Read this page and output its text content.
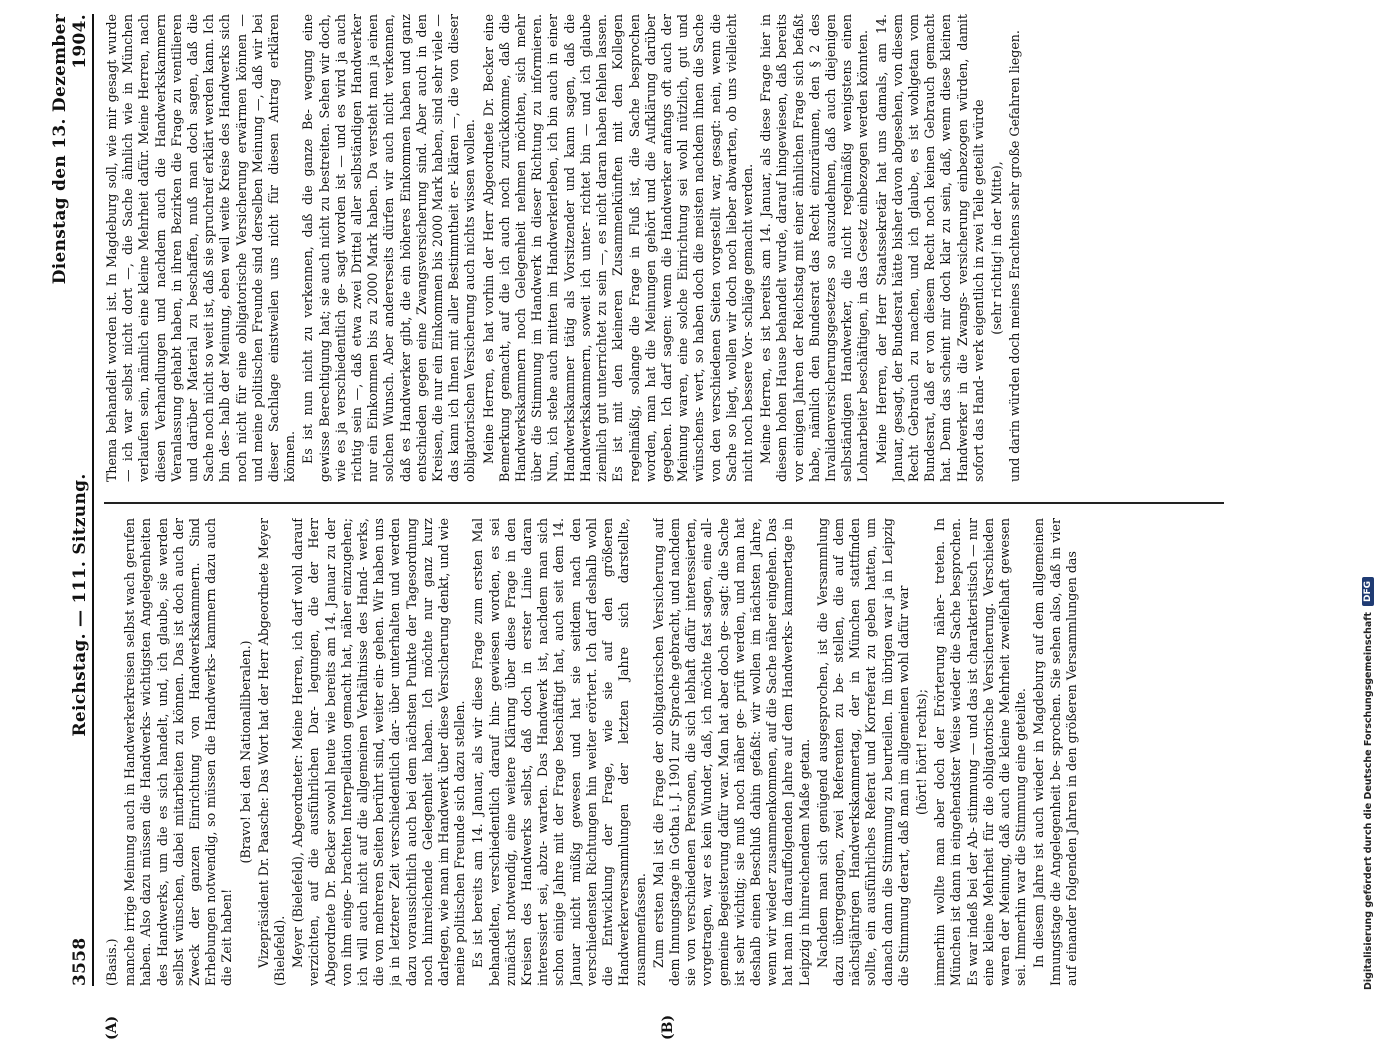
3558
Reichstag. — 111. Sitzung.
Dienstag den 13. Dezember 1904.
(A)	(B)

(Basis.) manche irrige Meinung auch in Handwerkerkreisen selbst wach gerufen haben. Also dazu müssen die Handwerks- wichtigsten Angelegenheiten des Handwerks, um die es sich handelt, und, ich glaube, sie werden selbst wünschen, dabei mitarbeiten zu können. Das ist doch auch der Zweck der ganzen Einrichtung von Handwerkskammern. Sind Erhebungen notwendig, so müssen die Handwerks- kammern dazu auch die Zeit haben!

(Bravo! bei den Nationalliberalen.) Vizepräsident Dr. Paasche: Das Wort hat der Herr Abgeordnete Meyer (Bielefeld). Meyer (Bielefeld), Abgeordneter: Meine Herren, ich darf wohl darauf verzichten, auf die ausführlichen Dar- legungen, die der Herr Abgeordnete Dr. Becker sowohl heute wie bereits am 14. Januar zu der von ihm einge- brachten Interpellation gemacht hat, näher einzugehen; ich will auch nicht auf die allgemeinen Verhältnisse des Hand- werks, die von mehreren Seiten berührt sind, weiter ein- gehen. Wir haben uns ja in letzterer Zeit verschiedentlich dar- über unterhalten und werden dazu voraussichtlich auch bei dem nächsten Punkte der Tagesordnung noch hinreichende Gelegenheit haben. Ich möchte nur ganz kurz darlegen, wie man im Handwerk über diese Versicherung denkt, und wie meine politischen Freunde sich dazu stellen. Es ist bereits am 14. Januar, als wir diese Frage zum ersten Mal behandelten, verschiedentlich darauf hin- gewiesen worden, es sei zunächst notwendig, eine weitere Klärung über diese Frage in den Kreisen des Handwerks selbst, daß doch in erster Linie daran interessiert sei, abzu- warten. Das Handwerk ist, nachdem man sich schon einige Jahre mit der Frage beschäftigt hat, auch seit dem 14. Januar nicht müßig gewesen und hat sie seitdem nach den verschiedensten Richtungen hin weiter erörtert. Ich darf deshalb wohl die Entwicklung der Frage, wie sie auf den größeren Handwerkerversammlungen der letzten Jahre sich darstellte, zusammenfassen. Zum ersten Mal ist die Frage der obligatorischen Versicherung auf dem Innungstage in Gotha i. J. 1901 zur Sprache gebracht, und nachdem sie von verschiedenen Personen, die sich lebhaft dafür interessierten, vorgetragen, war es kein Wunder, daß, ich möchte fast sagen, eine all- gemeine Begeisterung dafür war. Man hat aber doch ge- sagt: die Sache ist sehr wichtig; sie muß noch näher ge- prüft werden, und man hat deshalb einen Beschluß dahin gefaßt: wir wollen im nächsten Jahre, wenn wir wieder zusammenkommen, auf die Sache näher eingehen. Das hat man im darauffolgenden Jahre auf dem Handwerks- kammertage in Leipzig in hinreichendem Maße getan. Nachdem man sich genügend ausgesprochen, ist die Versammlung dazu übergegangen, zwei Referenten zu be- stellen, die auf dem nächstjährigen Handwerkskammertag, der in München stattfinden sollte, ein ausführliches Referat und Korreferat zu geben hatten, um danach dann die Stimmung zu beurteilen. Im übrigen war ja in Leipzig die Stimmung derart, daß man im allgemeinen wohl dafür war (hört! hört! rechts); immerhin wollte man aber doch der Erörterung näher- treten. In München ist dann in eingehendster Weise wieder die Sache besprochen. Es war indeß bei der Ab- stimmung — und das ist charakteristisch — nur eine kleine Mehrheit für die obligatorische Versicherung. Verschieden waren der Meinung, daß auch die kleine Mehrheit zweifelhaft gewesen sei. Immerhin war die Stimmung eine geteilte. In diesem Jahre ist auch wieder in Magdeburg auf dem allgemeinen Innungstage die Angelegenheit be- sprochen. Sie sehen also, daß in vier auf einander folgenden Jahren in den größeren Versammlungen das

Thema behandelt worden ist. In Magdeburg soll, wie mir gesagt wurde — ich war selbst nicht dort —, die Sache ähnlich wie in München verlaufen sein, nämlich eine kleine Mehrheit dafür. Meine Herren, nach diesen Verhandlungen und nachdem auch die Handwerkskammern Veranlassung gehabt haben, in ihren Bezirken die Frage zu ventilieren und darüber Material zu beschaffen, muß man doch sagen, daß die Sache noch nicht so weit ist, daß sie spruchreif erklärt werden kann. Ich bin des- halb der Meinung, eben weil weite Kreise des Handwerks sich noch nicht für eine obligatorische Versicherung erwärmen können — und meine politischen Freunde sind derselben Meinung —, daß wir bei dieser Sachlage einstweilen uns nicht für diesen Antrag erklären können. Es ist nun nicht zu verkennen, daß die ganze Be- wegung eine gewisse Berechtigung hat; sie auch nicht zu bestreiten. Sehen wir doch, wie es ja verschiedentlich ge- sagt worden ist — und es wird ja auch richtig sein —, daß etwa zwei Drittel aller selbständigen Handwerker nur ein Einkommen bis zu 2000 Mark haben. Da versteht man ja einen solchen Wunsch. Aber andererseits dürfen wir auch nicht verkennen, daß es Handwerker gibt, die ein höheres Einkommen haben und ganz entschieden gegen eine Zwangsversicherung sind. Aber auch in den Kreisen, die nur ein Einkommen bis 2000 Mark haben, sind sehr viele — das kann ich Ihnen mit aller Bestimmtheit er- klären —, die von dieser obligatorischen Versicherung auch nichts wissen wollen. Meine Herren, es hat vorhin der Herr Abgeordnete Dr. Becker eine Bemerkung gemacht, auf die ich auch noch zurückkomme, daß die Handwerkskammern noch Gelegenheit nehmen möchten, sich mehr über die Stimmung im Handwerk in dieser Richtung zu informieren. Nun, ich stehe auch mitten im Handwerkerleben, ich bin auch in einer Handwerkskammer tätig als Vorsitzender und kann sagen, daß die Handwerkskammern, soweit ich unter- richtet bin — und ich glaube ziemlich gut unterrichtet zu sein —, es nicht daran haben fehlen lassen. Es ist mit den kleineren Zusammenkünften mit den Kollegen regelmäßig, solange die Frage in Fluß ist, die Sache besprochen worden, man hat die Meinungen gehört und die Aufklärung darüber gegeben. Ich darf sagen: wenn die Handwerker anfangs oft auch der Meinung waren, eine solche Einrichtung sei wohl nützlich, gut und wünschens- wert, so haben doch die meisten nachdem ihnen die Sache von den verschiedenen Seiten vorgestellt war, gesagt: nein, wenn die Sache so liegt, wollen wir doch noch lieber abwarten, ob uns vielleicht nicht noch bessere Vor- schläge gemacht werden. Meine Herren, es ist bereits am 14. Januar, als diese Frage hier in diesem hohen Hause behandelt wurde, darauf hingewiesen, daß bereits vor einigen Jahren der Reichstag mit einer ähnlichen Frage sich befaßt habe, nämlich den Bundesrat das Recht einzuräumen, den § 2 des Invalidenversicherungsgesetzes so auszudehnen, daß auch diejenigen selbständigen Handwerker, die nicht regelmäßig wenigstens einen Lohnarbeiter beschäftigen, in das Gesetz einbezogen werden könnten. Meine Herren, der Herr Staatssekretär hat uns damals, am 14. Januar, gesagt, der Bundesrat hätte bisher davon abgesehen, von diesem Recht Gebrauch zu machen, und ich glaube, es ist wohlgetan vom Bundesrat, daß er von diesem Recht noch keinen Gebrauch gemacht hat. Denn das scheint mir doch klar zu sein, daß, wenn diese kleinen Handwerker in die Zwangs- versicherung einbezogen würden, damit sofort das Hand- werk eigentlich in zwei Teile geteilt würde (sehr richtig! in der Mitte), und darin würden doch meines Erachtens sehr große Gefahren liegen.

Digitalisierung gefördert durch die Deutsche Forschungsgemeinschaft
DFG
